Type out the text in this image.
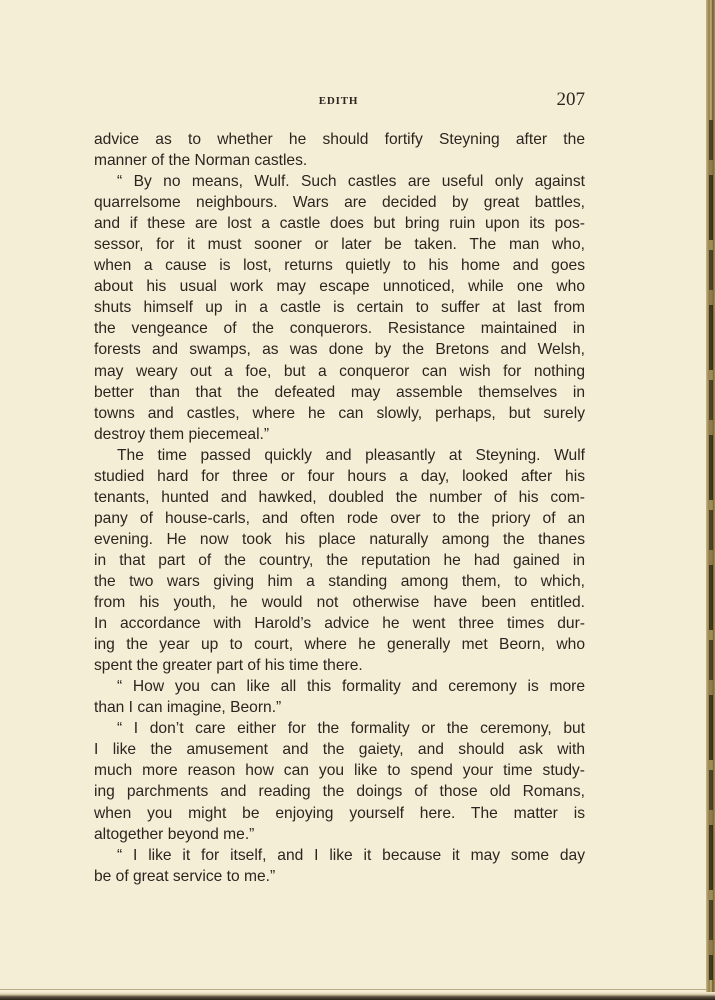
EDITH	207
advice as to whether he should fortify Steyning after the
manner of the Norman castles.
“ By no means, Wulf. Such castles are useful only against
quarrelsome neighbours. Wars are decided by great battles,
and if these are lost a castle does but bring ruin upon its pos-
sessor, for it must sooner or later be taken. The man who,
when a cause is lost, returns quietly to his home and goes
about his usual work may escape unnoticed, while one who
shuts himself up in a castle is certain to suffer at last from
the vengeance of the conquerors. Resistance maintained in
forests and swamps, as was done by the Bretons and Welsh,
may weary out a foe, but a conqueror can wish for nothing
better than that the defeated may assemble themselves in
towns and castles, where he can slowly, perhaps, but surely
destroy them piecemeal.”
The time passed quickly and pleasantly at Steyning. Wulf
studied hard for three or four hours a day, looked after his
tenants, hunted and hawked, doubled the number of his com-
pany of house-carls, and often rode over to the priory of an
evening. He now took his place naturally among the thanes
in that part of the country, the reputation he had gained in
the two wars giving him a standing among them, to which,
from his youth, he would not otherwise have been entitled.
In accordance with Harold’s advice he went three times dur-
ing the year up to court, where he generally met Beorn, who
spent the greater part of his time there.
“ How you can like all this formality and ceremony is more
than I can imagine, Beorn.”
“ I don’t care either for the formality or the ceremony, but
I like the amusement and the gaiety, and should ask with
much more reason how can you like to spend your time study-
ing parchments and reading the doings of those old Romans,
when you might be enjoying yourself here. The matter is
altogether beyond me.”
“ I like it for itself, and I like it because it may some day
be of great service to me.”
